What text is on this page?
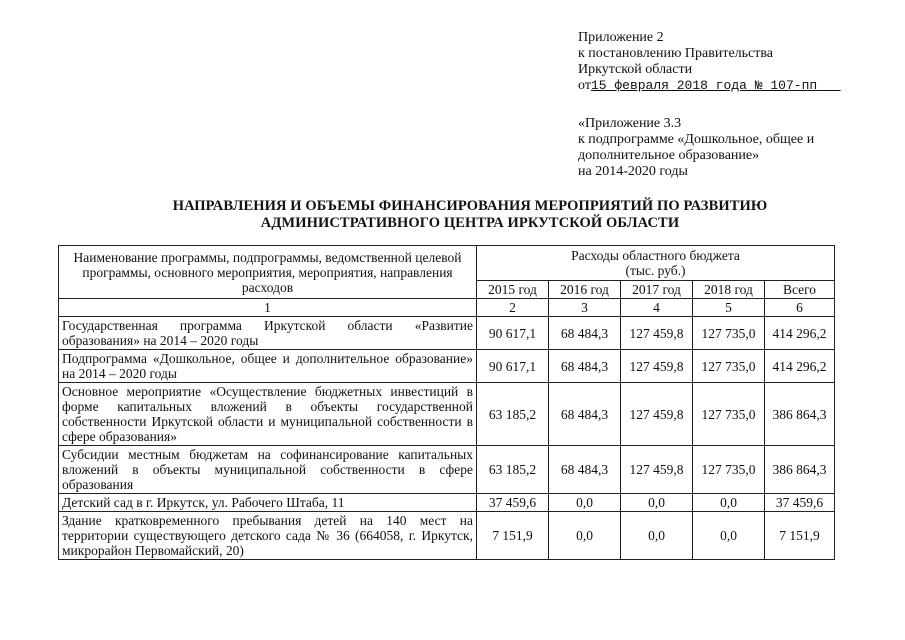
Приложение 2
к постановлению Правительства
Иркутской области
от15 февраля 2018 года № 107-пп
«Приложение 3.3
к подпрограмме «Дошкольное, общее и
дополнительное образование»
на 2014-2020 годы
НАПРАВЛЕНИЯ И ОБЪЕМЫ ФИНАНСИРОВАНИЯ МЕРОПРИЯТИЙ ПО РАЗВИТИЮ
АДМИНИСТРАТИВНОГО ЦЕНТРА ИРКУТСКОЙ ОБЛАСТИ
Наименование программы, подпрограммы, ведомственной целевой программы, основного мероприятия, мероприятия, направления расходов	Расходы областного бюджета
(тыс. руб.)				

	2015 год	2016 год	2017 год	2018 год	Всего
1	2	3	4	5	6
Государственная программа Иркутской области «Развитие образования» на 2014 – 2020 годы	90 617,1	68 484,3	127 459,8	127 735,0	414 296,2
Подпрограмма «Дошкольное, общее и дополнительное образование» на 2014 – 2020 годы	90 617,1	68 484,3	127 459,8	127 735,0	414 296,2
Основное мероприятие «Осуществление бюджетных инвестиций в форме капитальных вложений в объекты государственной собственности Иркутской области и муниципальной собственности в сфере образования»	63 185,2	68 484,3	127 459,8	127 735,0	386 864,3
Субсидии местным бюджетам на софинансирование капитальных вложений в объекты муниципальной собственности в сфере образования	63 185,2	68 484,3	127 459,8	127 735,0	386 864,3
Детский сад в г. Иркутск, ул. Рабочего Штаба, 11	37 459,6	0,0	0,0	0,0	37 459,6
Здание кратковременного пребывания детей на 140 мест на территории существующего детского сада № 36 (664058, г. Иркутск, микрорайон Первомайский, 20)	7 151,9	0,0	0,0	0,0	7 151,9
